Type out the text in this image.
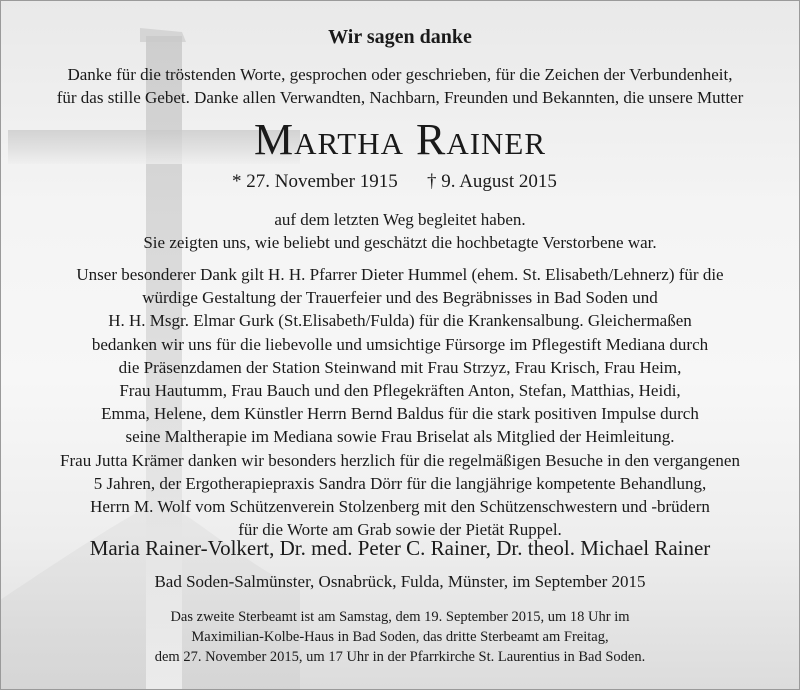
Wir sagen danke
Danke für die tröstenden Worte, gesprochen oder geschrieben, für die Zeichen der Verbundenheit,
für das stille Gebet. Danke allen Verwandten, Nachbarn, Freunden und Bekannten, die unsere Mutter
Martha Rainer
* 27. November 1915 † 9. August 2015
auf dem letzten Weg begleitet haben.
Sie zeigten uns, wie beliebt und geschätzt die hochbetagte Verstorbene war.
Unser besonderer Dank gilt H. H. Pfarrer Dieter Hummel (ehem. St. Elisabeth/Lehnerz) für die
würdige Gestaltung der Trauerfeier und des Begräbnisses in Bad Soden und
H. H. Msgr. Elmar Gurk (St.Elisabeth/Fulda) für die Krankensalbung. Gleichermaßen
bedanken wir uns für die liebevolle und umsichtige Fürsorge im Pflegestift Mediana durch
die Präsenzdamen der Station Steinwand mit Frau Strzyz, Frau Krisch, Frau Heim,
Frau Hautumm, Frau Bauch und den Pflegekräften Anton, Stefan, Matthias, Heidi,
Emma, Helene, dem Künstler Herrn Bernd Baldus für die stark positiven Impulse durch
seine Maltherapie im Mediana sowie Frau Briselat als Mitglied der Heimleitung.
Frau Jutta Krämer danken wir besonders herzlich für die regelmäßigen Besuche in den vergangenen
5 Jahren, der Ergotherapiepraxis Sandra Dörr für die langjährige kompetente Behandlung,
Herrn M. Wolf vom Schützenverein Stolzenberg mit den Schützenschwestern und -brüdern
für die Worte am Grab sowie der Pietät Ruppel.
Maria Rainer-Volkert, Dr. med. Peter C. Rainer, Dr. theol. Michael Rainer
Bad Soden-Salmünster, Osnabrück, Fulda, Münster, im September 2015
Das zweite Sterbeamt ist am Samstag, dem 19. September 2015, um 18 Uhr im
Maximilian-Kolbe-Haus in Bad Soden, das dritte Sterbeamt am Freitag,
dem 27. November 2015, um 17 Uhr in der Pfarrkirche St. Laurentius in Bad Soden.
